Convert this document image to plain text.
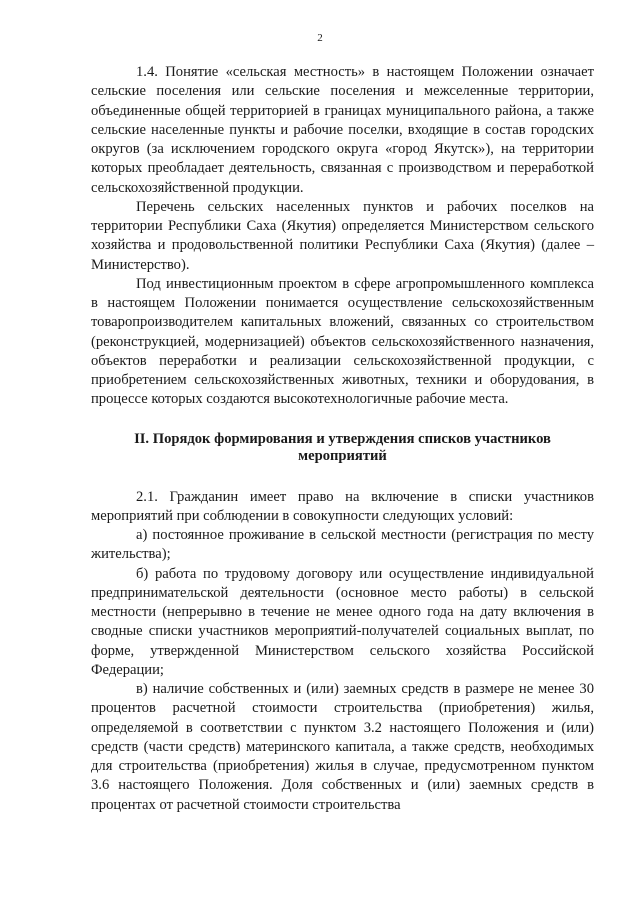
2

1.4. Понятие «сельская местность» в настоящем Положении означает сельские поселения или сельские поселения и межселенные территории, объединенные общей территорией в границах муниципального района, а также сельские населенные пункты и рабочие поселки, входящие в состав городских округов (за исключением городского округа «город Якутск»), на территории которых преобладает деятельность, связанная с производством и переработкой сельскохозяйственной продукции.

Перечень сельских населенных пунктов и рабочих поселков на территории Республики Саха (Якутия) определяется Министерством сельского хозяйства и продовольственной политики Республики Саха (Якутия) (далее – Министерство).

Под инвестиционным проектом в сфере агропромышленного комплекса в настоящем Положении понимается осуществление сельскохозяйственным товаропроизводителем капитальных вложений, связанных со строительством (реконструкцией, модернизацией) объектов сельскохозяйственного назначения, объектов переработки и реализации сельскохозяйственной продукции, с приобретением сельскохозяйственных животных, техники и оборудования, в процессе которых создаются высокотехнологичные рабочие места.

II. Порядок формирования и утверждения списков участников
мероприятий

2.1. Гражданин имеет право на включение в списки участников мероприятий при соблюдении в совокупности следующих условий:

а) постоянное проживание в сельской местности (регистрация по месту жительства);

б) работа по трудовому договору или осуществление индивидуальной предпринимательской деятельности (основное место работы) в сельской местности (непрерывно в течение не менее одного года на дату включения в сводные списки участников мероприятий-получателей социальных выплат, по форме, утвержденной Министерством сельского хозяйства Российской Федерации;

в) наличие собственных и (или) заемных средств в размере не менее 30 процентов расчетной стоимости строительства (приобретения) жилья, определяемой в соответствии с пунктом 3.2 настоящего Положения и (или) средств (части средств) материнского капитала, а также средств, необходимых для строительства (приобретения) жилья в случае, предусмотренном пунктом 3.6 настоящего Положения. Доля собственных и (или) заемных средств в процентах от расчетной стоимости строительства
